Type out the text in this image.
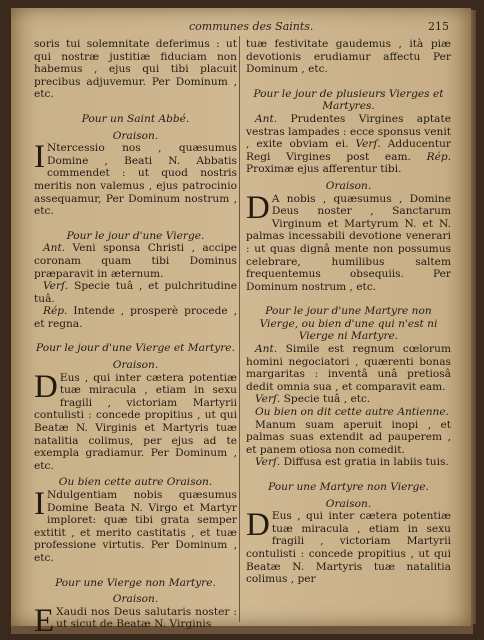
communes des Saints.	215

soris tui solemnitate deferimus : ut qui nostræ justitiæ fiduciam non habemus , ejus qui tibi placuit precibus adjuvemur. Per Dominum , etc.

Pour un Saint Abbé.
Oraison.

I Ntercessio nos , quæsumus Domine , Beati N. Abbatis commendet : ut quod nostris meritis non valemus , ejus patrocinio assequamur, Per Dominum nostrum , etc.

Pour le jour d'une Vierge.

Ant. Veni sponsa Christi , accipe coronam quam tibi Dominus præparavit in æternum.

Verſ. Specie tuâ , et pulchritudine tuâ.

Rép. Intende , prosperè procede , et regna.

Pour le jour d'une Vierge et Martyre.
Oraison.

D Eus , qui inter cætera potentiæ tuæ miracula , etiam in sexu fragili , victoriam Martyrii contulisti : concede propitius , ut qui Beatæ N. Virginis et Martyris tuæ natalitia colimus, per ejus ad te exempla gradiamur. Per Dominum , etc.

Ou bien cette autre Oraison.

I Ndulgentiam nobis quæsumus Domine Beata N. Virgo et Martyr imploret: quæ tibi grata semper extitit , et merito castitatis , et tuæ professione virtutis. Per Dominum , etc.

Pour une Vierge non Martyre.
Oraison.

E Xaudi nos Deus salutaris noster : ut sicut de Beatæ N. Virginis

tuæ festivitate gaudemus , ità piæ devotionis erudiamur affectu Per Dominum , etc.

Pour le jour de plusieurs Vierges et Martyres.

Ant. Prudentes Virgines aptate vestras lampades : ecce sponsus venit , exite obviam ei. Verſ. Adducentur Regi Virgines post eam. Rép. Proximæ ejus afferentur tibi.

Oraison.

D A nobis , quæsumus , Domine Deus noster , Sanctarum Virginum et Martyrum N. et N. palmas incessabili devotione venerari : ut quas dignâ mente non possumus celebrare, humilibus saltem frequentemus obsequiis. Per Dominum nostrum , etc.

Pour le jour d'une Martyre non Vierge, ou bien d'une qui n'est ni Vierge ni Martyre.

Ant. Simile est regnum cœlorum homini negociatori , quærenti bonas margaritas : inventâ unâ pretiosâ dedit omnia sua , et comparavit eam.

Verſ. Specie tuâ , etc.

Ou bien on dit cette autre Antienne.

Manum suam aperuit inopi , et palmas suas extendit ad pauperem , et panem otiosa non comedit.

Verſ. Diffusa est gratia in labiis tuis.

Pour une Martyre non Vierge.
Oraison.

D Eus , qui inter cætera potentiæ tuæ miracula , etiam in sexu fragili , victoriam Martyrii contulisti : concede propitius , ut qui Beatæ N. Martyris tuæ natalitia colimus , per
